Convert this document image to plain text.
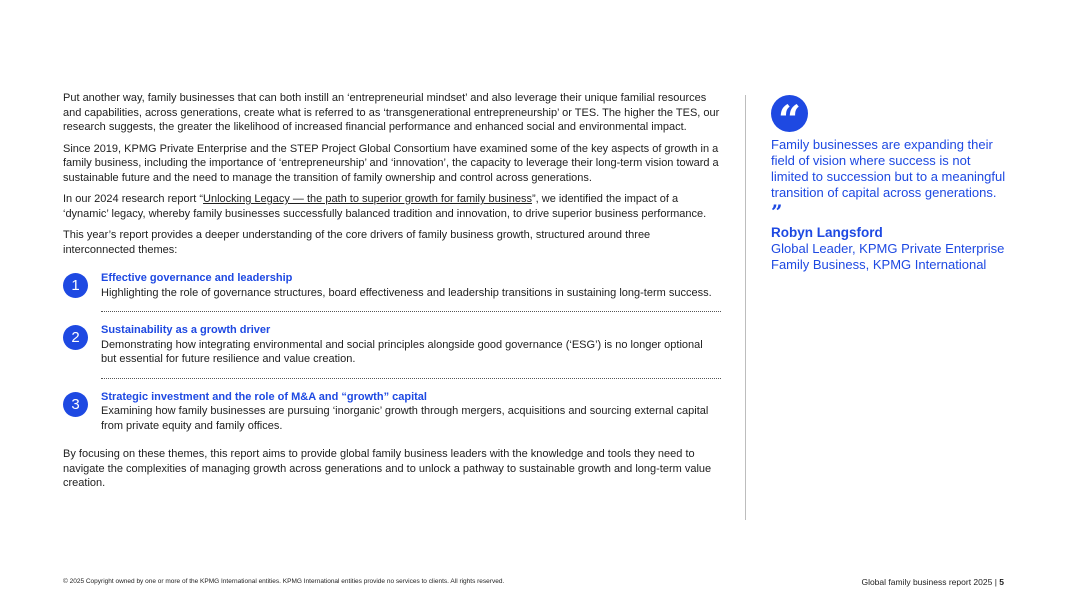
Put another way, family businesses that can both instill an ‘entrepreneurial mindset’ and also leverage their unique familial resources and capabilities, across generations, create what is referred to as ‘transgenerational entrepreneurship’ or TES. The higher the TES, our research suggests, the greater the likelihood of increased financial performance and enhanced social and environmental impact.

Since 2019, KPMG Private Enterprise and the STEP Project Global Consortium have examined some of the key aspects of growth in a family business, including the importance of ‘entrepreneurship’ and ‘innovation’, the capacity to leverage their long-term vision toward a sustainable future and the need to manage the transition of family ownership and control across generations.

In our 2024 research report “Unlocking Legacy — the path to superior growth for family business”, we identified the impact of a ‘dynamic’ legacy, whereby family businesses successfully balanced tradition and innovation, to drive superior business performance.

This year’s report provides a deeper understanding of the core drivers of family business growth, structured around three interconnected themes:

1	Effective governance and leadership
Highlighting the role of governance structures, board effectiveness and leadership transitions in sustaining long-term success.
2	Sustainability as a growth driver
Demonstrating how integrating environmental and social principles alongside good governance (‘ESG’) is no longer optional but essential for future resilience and value creation.
3	Strategic investment and the role of M&A and “growth” capital
Examining how family businesses are pursuing ‘inorganic’ growth through mergers, acquisitions and sourcing external capital from private equity and family offices.

By focusing on these themes, this report aims to provide global family business leaders with the knowledge and tools they need to navigate the complexities of managing growth across generations and to unlock a pathway to sustainable growth and long-term value creation.

“
Family businesses are expanding their field of vision where success is not limited to succession but to a meaningful transition of capital across generations. ”
Robyn Langsford
Global Leader, KPMG Private Enterprise
Family Business, KPMG International
© 2025 Copyright owned by one or more of the KPMG International entities. KPMG International entities provide no services to clients. All rights reserved.	Global family business report 2025 | 5
